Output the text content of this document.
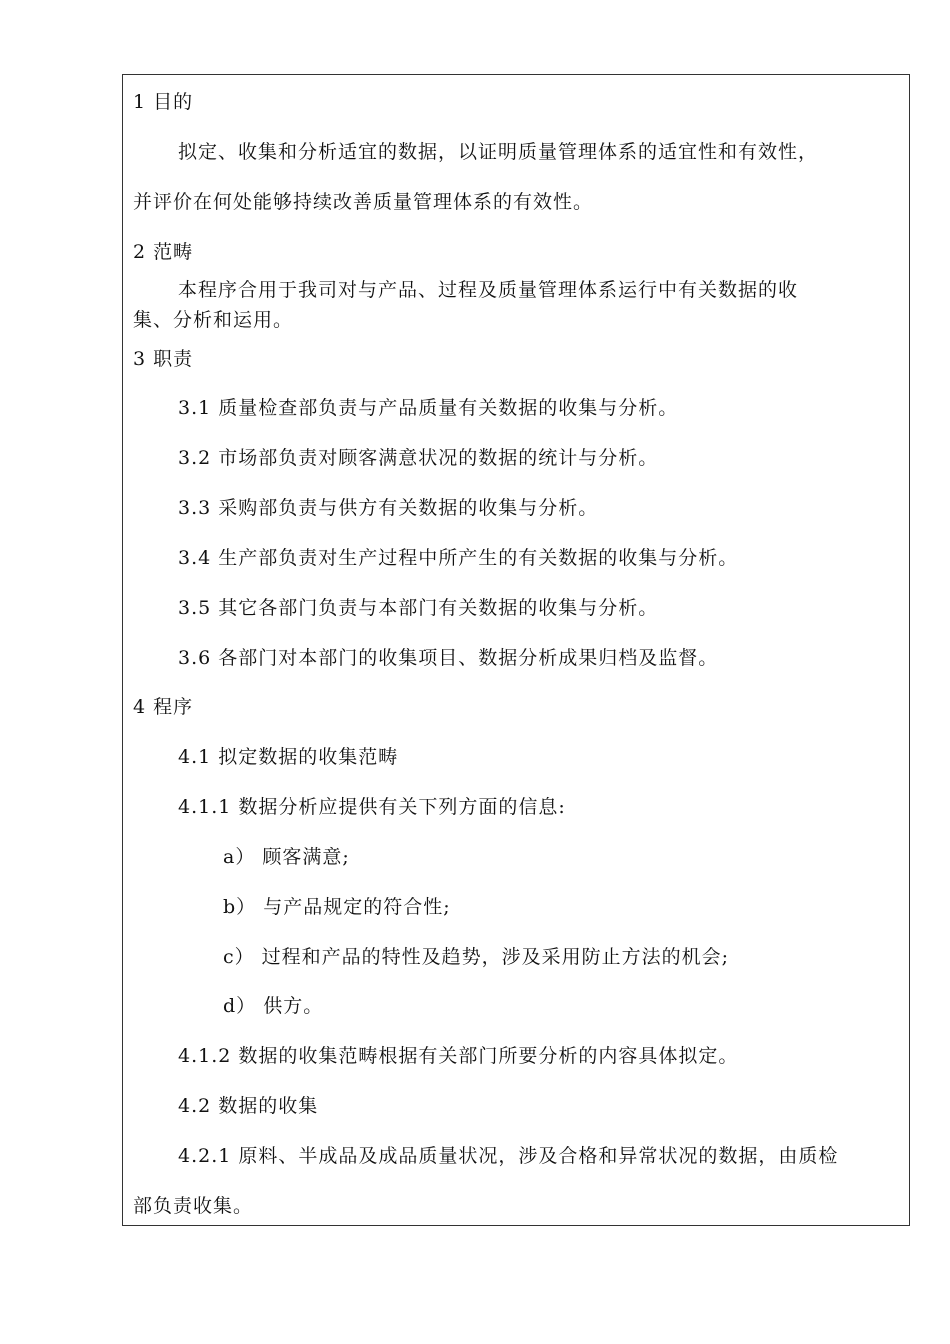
1 目的
拟定、收集和分析适宜的数据，以证明质量管理体系的适宜性和有效性，
并评价在何处能够持续改善质量管理体系的有效性。
2 范畴
本程序合用于我司对与产品、过程及质量管理体系运行中有关数据的收
集、分析和运用。
3 职责
3.1 质量检查部负责与产品质量有关数据的收集与分析。
3.2 市场部负责对顾客满意状况的数据的统计与分析。
3.3 采购部负责与供方有关数据的收集与分析。
3.4 生产部负责对生产过程中所产生的有关数据的收集与分析。
3.5 其它各部门负责与本部门有关数据的收集与分析。
3.6 各部门对本部门的收集项目、数据分析成果归档及监督。
4 程序
4.1 拟定数据的收集范畴
4.1.1 数据分析应提供有关下列方面的信息:
a） 顾客满意;
b） 与产品规定的符合性;
c） 过程和产品的特性及趋势，涉及采用防止方法的机会;
d） 供方。
4.1.2 数据的收集范畴根据有关部门所要分析的内容具体拟定。
4.2 数据的收集
4.2.1 原料、半成品及成品质量状况，涉及合格和异常状况的数据，由质检
部负责收集。
